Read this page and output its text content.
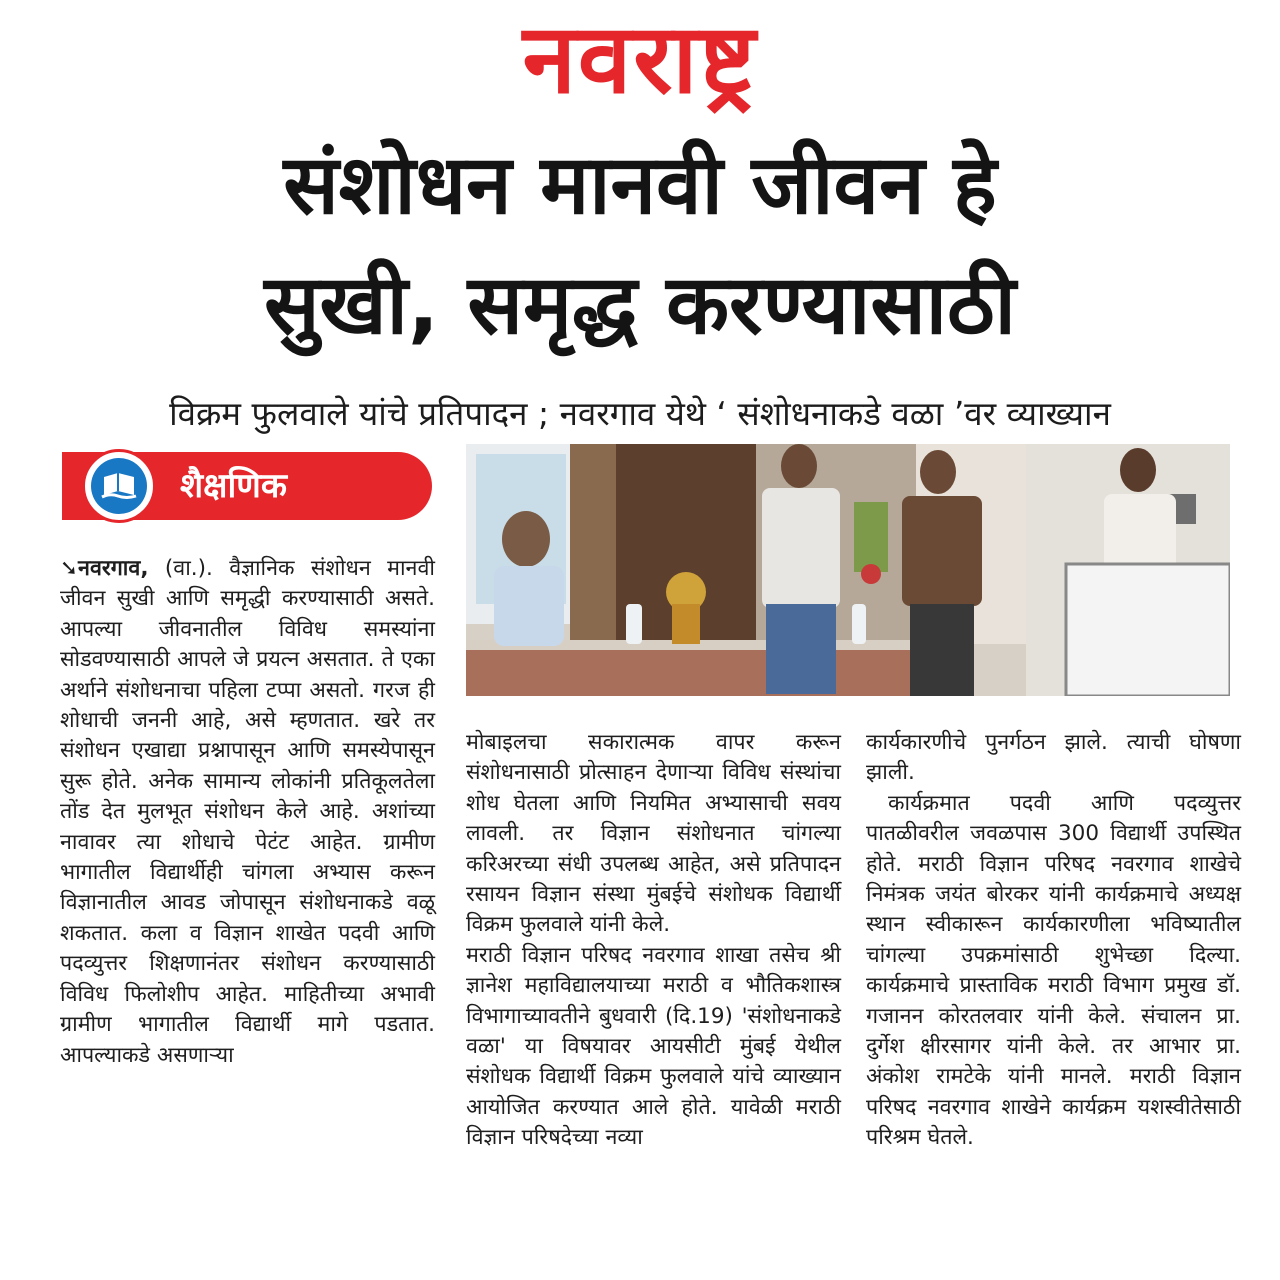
नवराष्ट्र
संशोधन मानवी जीवन हे
सुखी, समृद्ध करण्यासाठी
विक्रम फुलवाले यांचे प्रतिपादन ; नवरगाव येथे ‘ संशोधनाकडे वळा ’वर व्याख्यान
शैक्षणिक

➘नवरगाव, (वा.). वैज्ञानिक संशोधन मानवी जीवन सुखी आणि समृद्धी करण्यासाठी असते. आपल्या जीवनातील विविध समस्यांना सोडवण्यासाठी आपले जे प्रयत्न असतात. ते एका अर्थाने संशोधनाचा पहिला टप्पा असतो. गरज ही शोधाची जननी आहे, असे म्हणतात. खरे तर संशोधन एखाद्या प्रश्नापासून आणि समस्येपासून सुरू होते. अनेक सामान्य लोकांनी प्रतिकूलतेला तोंड देत मुलभूत संशोधन केले आहे. अशांच्या नावावर त्या शोधाचे पेटंट आहेत. ग्रामीण भागातील विद्यार्थीही चांगला अभ्यास करून विज्ञानातील आवड जोपासून संशोधनाकडे वळू शकतात. कला व विज्ञान शाखेत पदवी आणि पदव्युत्तर शिक्षणानंतर संशोधन करण्यासाठी विविध फिलोशीप आहेत. माहितीच्या अभावी ग्रामीण भागातील विद्यार्थी मागे पडतात. आपल्याकडे असणाऱ्या

मोबाइलचा सकारात्मक वापर करून संशोधनासाठी प्रोत्साहन देणाऱ्या विविध संस्थांचा शोध घेतला आणि नियमित अभ्यासाची सवय लावली. तर विज्ञान संशोधनात चांगल्या करिअरच्या संधी उपलब्ध आहेत, असे प्रतिपादन रसायन विज्ञान संस्था मुंबईचे संशोधक विद्यार्थी विक्रम फुलवाले यांनी केले.

मराठी विज्ञान परिषद नवरगाव शाखा तसेच श्री ज्ञानेश महाविद्यालयाच्या मराठी व भौतिकशास्त्र विभागाच्यावतीने बुधवारी (दि.19) 'संशोधनाकडे वळा' या विषयावर आयसीटी मुंबई येथील संशोधक विद्यार्थी विक्रम फुलवाले यांचे व्याख्यान आयोजित करण्यात आले होते. यावेळी मराठी विज्ञान परिषदेच्या नव्या

कार्यकारणीचे पुनर्गठन झाले. त्याची घोषणा झाली.

कार्यक्रमात पदवी आणि पदव्युत्तर पातळीवरील जवळपास 300 विद्यार्थी उपस्थित होते. मराठी विज्ञान परिषद नवरगाव शाखेचे निमंत्रक जयंत बोरकर यांनी कार्यक्रमाचे अध्यक्ष स्थान स्वीकारून कार्यकारणीला भविष्यातील चांगल्या उपक्रमांसाठी शुभेच्छा दिल्या. कार्यक्रमाचे प्रास्ताविक मराठी विभाग प्रमुख डॉ. गजानन कोरतलवार यांनी केले. संचालन प्रा. दुर्गेश क्षीरसागर यांनी केले. तर आभार प्रा. अंकोश रामटेके यांनी मानले. मराठी विज्ञान परिषद नवरगाव शाखेने कार्यक्रम यशस्वीतेसाठी परिश्रम घेतले.
